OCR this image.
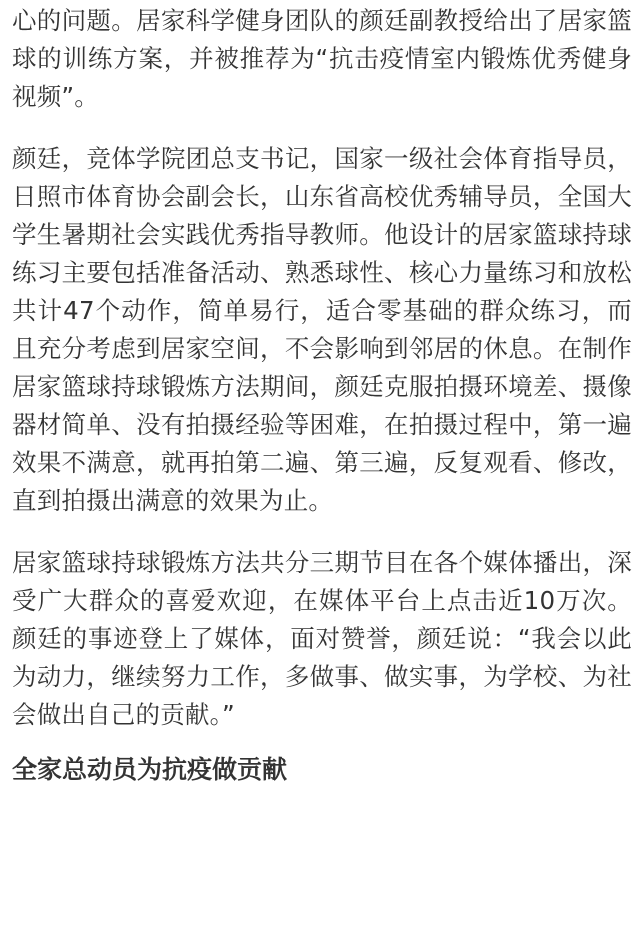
心的问题。居家科学健身团队的颜廷副教授给出了居家篮球的训练方案，并被推荐为“抗击疫情室内锻炼优秀健身视频”。

颜廷，竞体学院团总支书记，国家一级社会体育指导员，日照市体育协会副会长，山东省高校优秀辅导员，全国大学生暑期社会实践优秀指导教师。他设计的居家篮球持球练习主要包括准备活动、熟悉球性、核心力量练习和放松共计47个动作，简单易行，适合零基础的群众练习，而且充分考虑到居家空间，不会影响到邻居的休息。在制作居家篮球持球锻炼方法期间，颜廷克服拍摄环境差、摄像器材简单、没有拍摄经验等困难，在拍摄过程中，第一遍效果不满意，就再拍第二遍、第三遍，反复观看、修改，直到拍摄出满意的效果为止。

居家篮球持球锻炼方法共分三期节目在各个媒体播出，深受广大群众的喜爱欢迎，在媒体平台上点击近10万次。颜廷的事迹登上了媒体，面对赞誉，颜廷说：“我会以此为动力，继续努力工作，多做事、做实事，为学校、为社会做出自己的贡献。”

全家总动员为抗疫做贡献
